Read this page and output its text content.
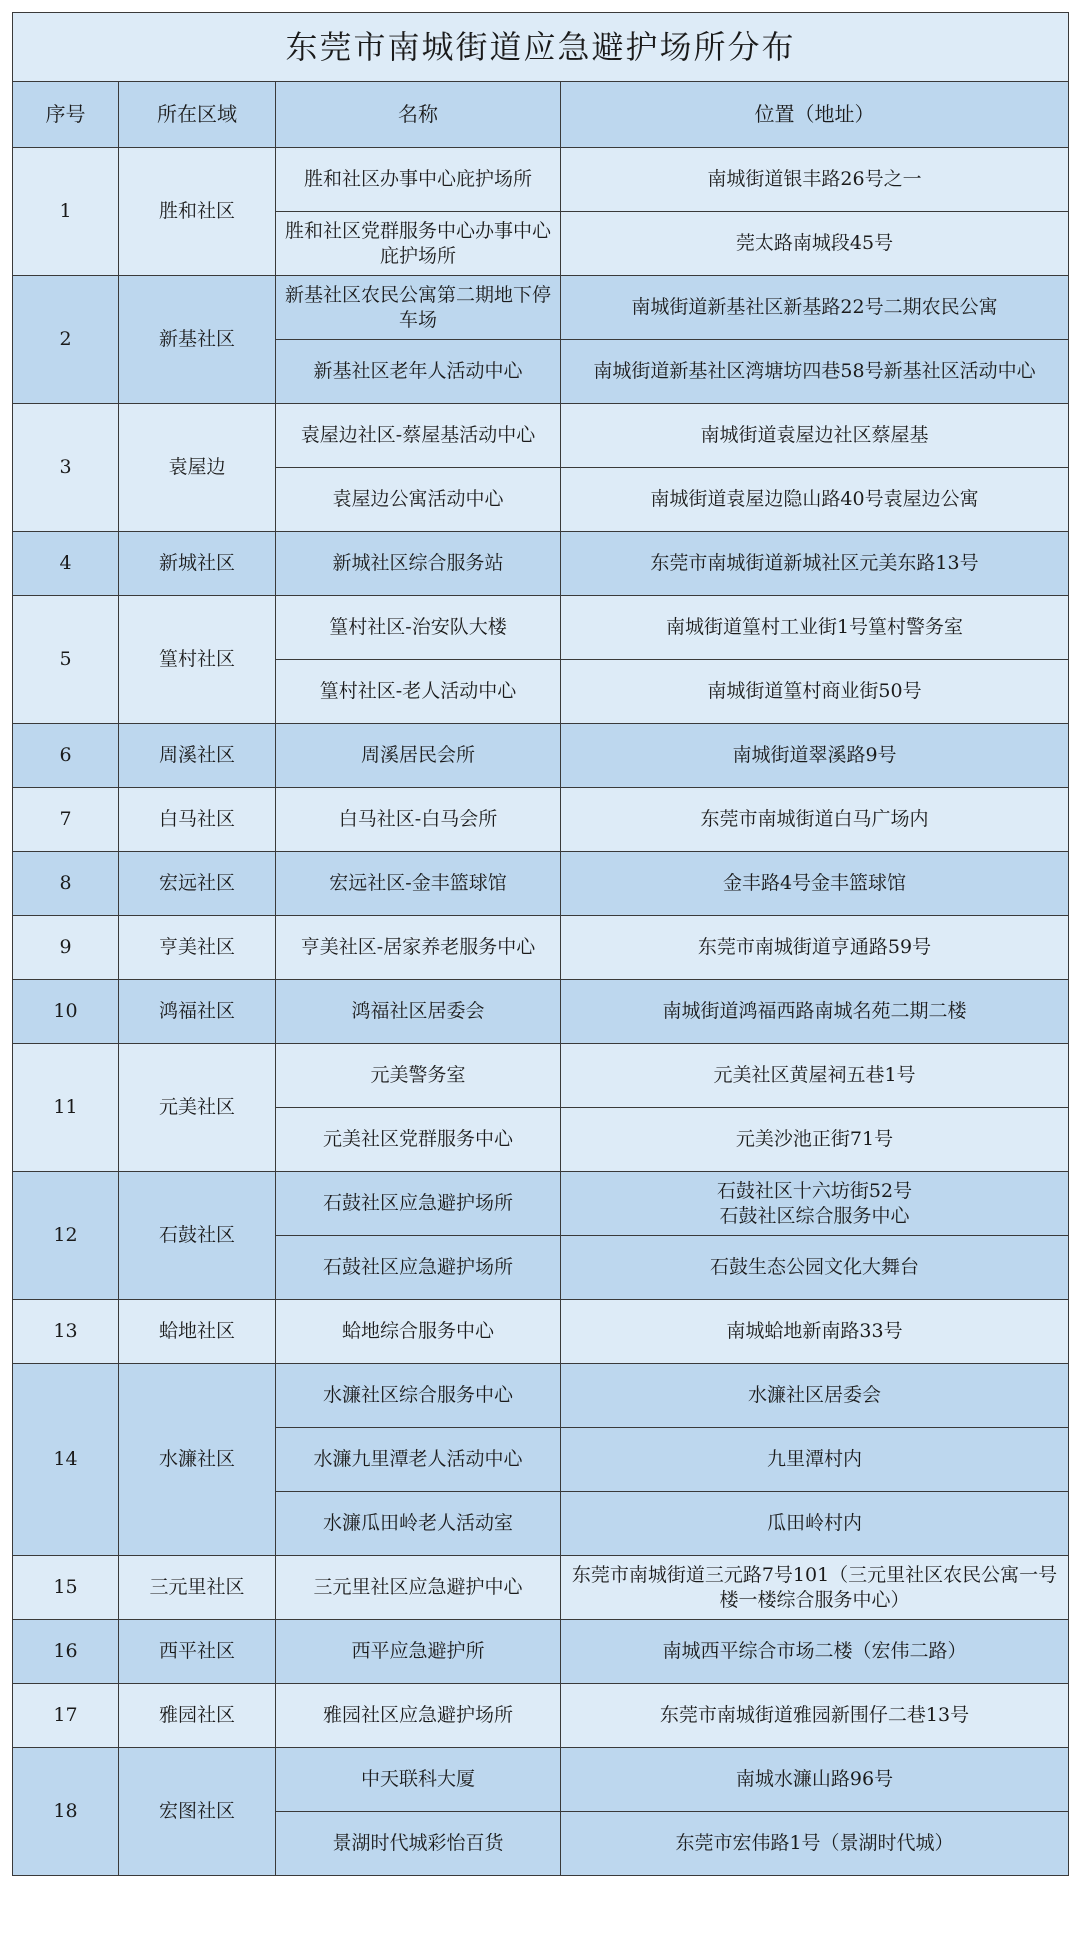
东莞市南城街道应急避护场所分布			
序号	所在区域	名称	位置（地址）
1	胜和社区	胜和社区办事中心庇护场所	南城街道银丰路26号之一
		胜和社区党群服务中心办事中心庇护场所	莞太路南城段45号
2	新基社区	新基社区农民公寓第二期地下停车场	南城街道新基社区新基路22号二期农民公寓
		新基社区老年人活动中心	南城街道新基社区湾塘坊四巷58号新基社区活动中心
3	袁屋边	袁屋边社区-蔡屋基活动中心	南城街道袁屋边社区蔡屋基
		袁屋边公寓活动中心	南城街道袁屋边隐山路40号袁屋边公寓
4	新城社区	新城社区综合服务站	东莞市南城街道新城社区元美东路13号
5	篁村社区	篁村社区-治安队大楼	南城街道篁村工业街1号篁村警务室
		篁村社区-老人活动中心	南城街道篁村商业街50号
6	周溪社区	周溪居民会所	南城街道翠溪路9号
7	白马社区	白马社区-白马会所	东莞市南城街道白马广场内
8	宏远社区	宏远社区-金丰篮球馆	金丰路4号金丰篮球馆
9	亨美社区	亨美社区-居家养老服务中心	东莞市南城街道亨通路59号
10	鸿福社区	鸿福社区居委会	南城街道鸿福西路南城名苑二期二楼
11	元美社区	元美警务室	元美社区黄屋祠五巷1号
		元美社区党群服务中心	元美沙池正街71号
12	石鼓社区	石鼓社区应急避护场所	石鼓社区十六坊街52号
石鼓社区综合服务中心
		石鼓社区应急避护场所	石鼓生态公园文化大舞台
13	蛤地社区	蛤地综合服务中心	南城蛤地新南路33号
14	水濂社区	水濂社区综合服务中心	水濂社区居委会
		水濂九里潭老人活动中心	九里潭村内
		水濂瓜田岭老人活动室	瓜田岭村内
15	三元里社区	三元里社区应急避护中心	东莞市南城街道三元路7号101（三元里社区农民公寓一号楼一楼综合服务中心）
16	西平社区	西平应急避护所	南城西平综合市场二楼（宏伟二路）
17	雅园社区	雅园社区应急避护场所	东莞市南城街道雅园新围仔二巷13号
18	宏图社区	中天联科大厦	南城水濂山路96号
		景湖时代城彩怡百货	东莞市宏伟路1号（景湖时代城）
